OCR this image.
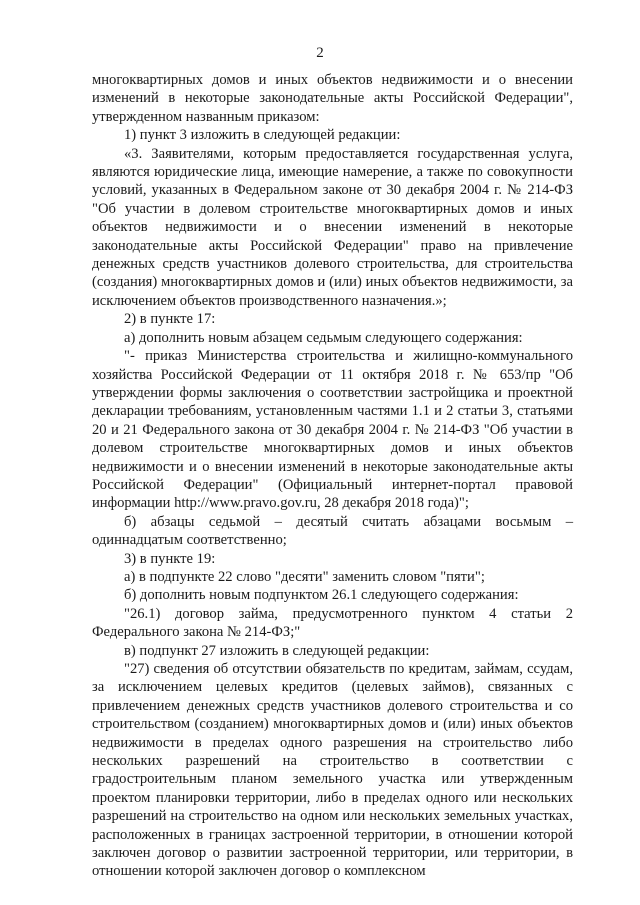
2

многоквартирных домов и иных объектов недвижимости и о внесении изменений в некоторые законодательные акты Российской Федерации", утвержденном названным приказом:

1) пункт 3 изложить в следующей редакции:

«3. Заявителями, которым предоставляется государственная услуга, являются юридические лица, имеющие намерение, а также по совокупности условий, указанных в Федеральном законе от 30 декабря 2004 г. № 214-ФЗ "Об участии в долевом строительстве многоквартирных домов и иных объектов недвижимости и о внесении изменений в некоторые законодательные акты Российской Федерации" право на привлечение денежных средств участников долевого строительства, для строительства (создания) многоквартирных домов и (или) иных объектов недвижимости, за исключением объектов производственного назначения.»;

2) в пункте 17:

а) дополнить новым абзацем седьмым следующего содержания:

"- приказ Министерства строительства и жилищно-коммунального хозяйства Российской Федерации от 11 октября 2018 г. № 653/пр "Об утверждении формы заключения о соответствии застройщика и проектной декларации требованиям, установленным частями 1.1 и 2 статьи 3, статьями 20 и 21 Федерального закона от 30 декабря 2004 г. № 214-ФЗ "Об участии в долевом строительстве многоквартирных домов и иных объектов недвижимости и о внесении изменений в некоторые законодательные акты Российской Федерации" (Официальный интернет-портал правовой информации http://www.pravo.gov.ru, 28 декабря 2018 года)";

б) абзацы седьмой – десятый считать абзацами восьмым – одиннадцатым соответственно;

3) в пункте 19:

а) в подпункте 22 слово "десяти" заменить словом "пяти";

б) дополнить новым подпунктом 26.1 следующего содержания:

"26.1) договор займа, предусмотренного пунктом 4 статьи 2 Федерального закона № 214-ФЗ;"

в) подпункт 27 изложить в следующей редакции:

"27) сведения об отсутствии обязательств по кредитам, займам, ссудам, за исключением целевых кредитов (целевых займов), связанных с привлечением денежных средств участников долевого строительства и со строительством (созданием) многоквартирных домов и (или) иных объектов недвижимости в пределах одного разрешения на строительство либо нескольких разрешений на строительство в соответствии с градостроительным планом земельного участка или утвержденным проектом планировки территории, либо в пределах одного или нескольких разрешений на строительство на одном или нескольких земельных участках, расположенных в границах застроенной территории, в отношении которой заключен договор о развитии застроенной территории, или территории, в отношении которой заключен договор о комплексном
